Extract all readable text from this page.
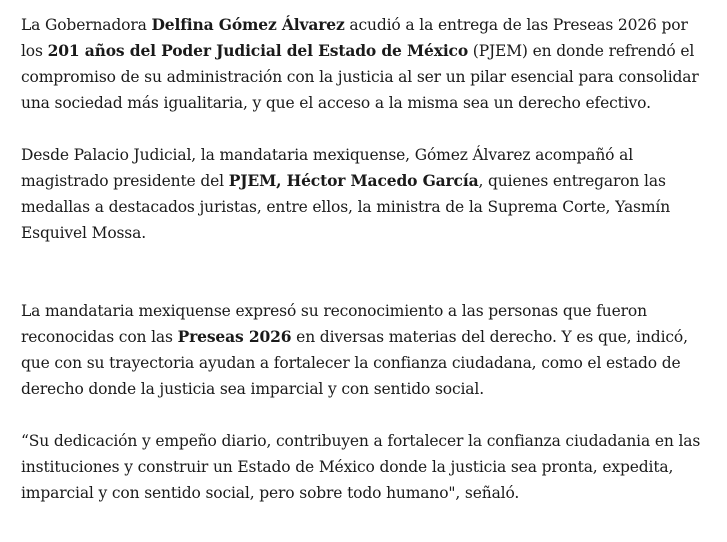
La Gobernadora Delfina Gómez Álvarez acudió a la entrega de las Preseas 2026 por los 201 años del Poder Judicial del Estado de México (PJEM) en donde refrendó el compromiso de su administración con la justicia al ser un pilar esencial para consolidar una sociedad más igualitaria, y que el acceso a la misma sea un derecho efectivo.

Desde Palacio Judicial, la mandataria mexiquense, Gómez Álvarez acompañó al magistrado presidente del PJEM, Héctor Macedo García, quienes entregaron las medallas a destacados juristas, entre ellos, la ministra de la Suprema Corte, Yasmín Esquivel Mossa.

La mandataria mexiquense expresó su reconocimiento a las personas que fueron reconocidas con las Preseas 2026 en diversas materias del derecho. Y es que, indicó, que con su trayectoria ayudan a fortalecer la confianza ciudadana, como el estado de derecho donde la justicia sea imparcial y con sentido social.

“Su dedicación y empeño diario, contribuyen a fortalecer la confianza ciudadania en las instituciones y construir un Estado de México donde la justicia sea pronta, expedita, imparcial y con sentido social, pero sobre todo humano", señaló.
